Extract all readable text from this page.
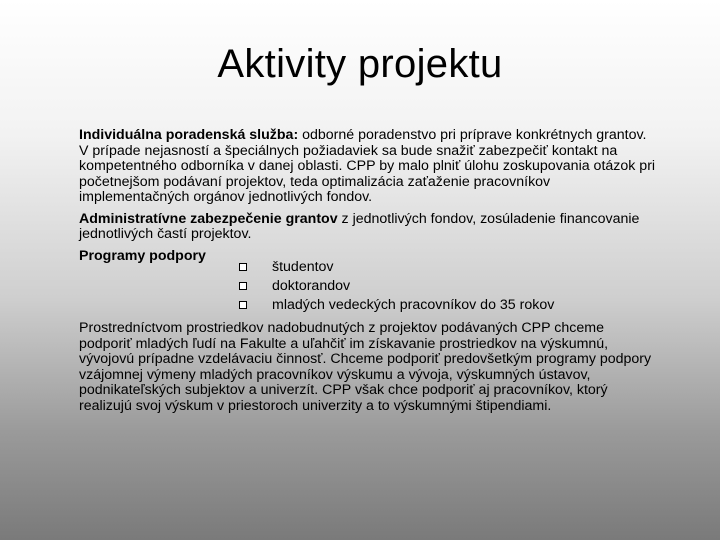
Aktivity projektu

Individuálna poradenská služba: odborné poradenstvo pri príprave konkrétnych grantov. V prípade nejasností a špeciálnych požiadaviek sa bude snažiť zabezpečiť kontakt na kompetentného odborníka v danej oblasti. CPP by malo plniť úlohu zoskupovania otázok pri početnejšom podávaní projektov, teda optimalizácia zaťaženie pracovníkov implementačných orgánov jednotlivých fondov.

Administratívne zabezpečenie grantov z jednotlivých fondov, zosúladenie financovanie jednotlivých častí projektov.

Programy podpory
študentov
doktorandov
mladých vedeckých pracovníkov do 35 rokov

Prostredníctvom prostriedkov nadobudnutých z projektov podávaných CPP chceme podporiť mladých ľudí na Fakulte a uľahčiť im získavanie prostriedkov na výskumnú, vývojovú prípadne vzdelávaciu činnosť. Chceme podporiť predovšetkým programy podpory vzájomnej výmeny mladých pracovníkov výskumu a vývoja, výskumných ústavov, podnikateľských subjektov a univerzít. CPP však chce podporiť aj pracovníkov, ktorý realizujú svoj výskum v priestoroch univerzity a to výskumnými štipendiami.
